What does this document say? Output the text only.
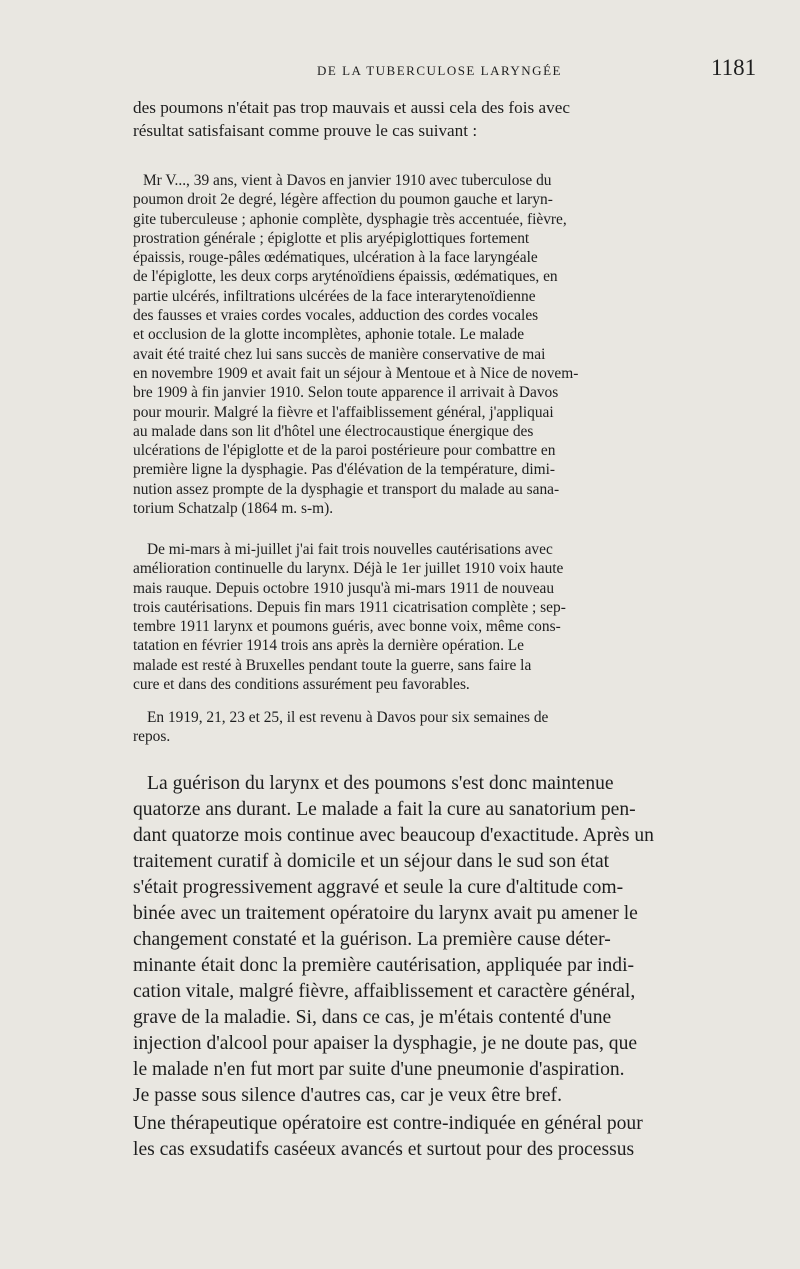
DE LA TUBERCULOSE LARYNGÉE	1181

des poumons n'était pas trop mauvais et aussi cela des fois avec
résultat satisfaisant comme prouve le cas suivant :

Mr V..., 39 ans, vient à Davos en janvier 1910 avec tuberculose du
poumon droit 2e degré, légère affection du poumon gauche et laryn-
gite tuberculeuse ; aphonie complète, dysphagie très accentuée, fièvre,
prostration générale ; épiglotte et plis aryépiglottiques fortement
épaissis, rouge-pâles œdématiques, ulcération à la face laryngéale
de l'épiglotte, les deux corps aryténoïdiens épaissis, œdématiques, en
partie ulcérés, infiltrations ulcérées de la face interarytenoïdienne
des fausses et vraies cordes vocales, adduction des cordes vocales
et occlusion de la glotte incomplètes, aphonie totale. Le malade
avait été traité chez lui sans succès de manière conservative de mai
en novembre 1909 et avait fait un séjour à Mentoue et à Nice de novem-
bre 1909 à fin janvier 1910. Selon toute apparence il arrivait à Davos
pour mourir. Malgré la fièvre et l'affaiblissement général, j'appliquai
au malade dans son lit d'hôtel une électrocaustique énergique des
ulcérations de l'épiglotte et de la paroi postérieure pour combattre en
première ligne la dysphagie. Pas d'élévation de la température, dimi-
nution assez prompte de la dysphagie et transport du malade au sana-
torium Schatzalp (1864 m. s-m).

De mi-mars à mi-juillet j'ai fait trois nouvelles cautérisations avec
amélioration continuelle du larynx. Déjà le 1er juillet 1910 voix haute
mais rauque. Depuis octobre 1910 jusqu'à mi-mars 1911 de nouveau
trois cautérisations. Depuis fin mars 1911 cicatrisation complète ; sep-
tembre 1911 larynx et poumons guéris, avec bonne voix, même cons-
tatation en février 1914 trois ans après la dernière opération. Le
malade est resté à Bruxelles pendant toute la guerre, sans faire la
cure et dans des conditions assurément peu favorables.

En 1919, 21, 23 et 25, il est revenu à Davos pour six semaines de
repos.

La guérison du larynx et des poumons s'est donc maintenue
quatorze ans durant. Le malade a fait la cure au sanatorium pen-
dant quatorze mois continue avec beaucoup d'exactitude. Après un
traitement curatif à domicile et un séjour dans le sud son état
s'était progressivement aggravé et seule la cure d'altitude com-
binée avec un traitement opératoire du larynx avait pu amener le
changement constaté et la guérison. La première cause déter-
minante était donc la première cautérisation, appliquée par indi-
cation vitale, malgré fièvre, affaiblissement et caractère général,
grave de la maladie. Si, dans ce cas, je m'étais contenté d'une
injection d'alcool pour apaiser la dysphagie, je ne doute pas, que
le malade n'en fut mort par suite d'une pneumonie d'aspiration.
Je passe sous silence d'autres cas, car je veux être bref.

Une thérapeutique opératoire est contre-indiquée en général pour
les cas exsudatifs caséeux avancés et surtout pour des processus
